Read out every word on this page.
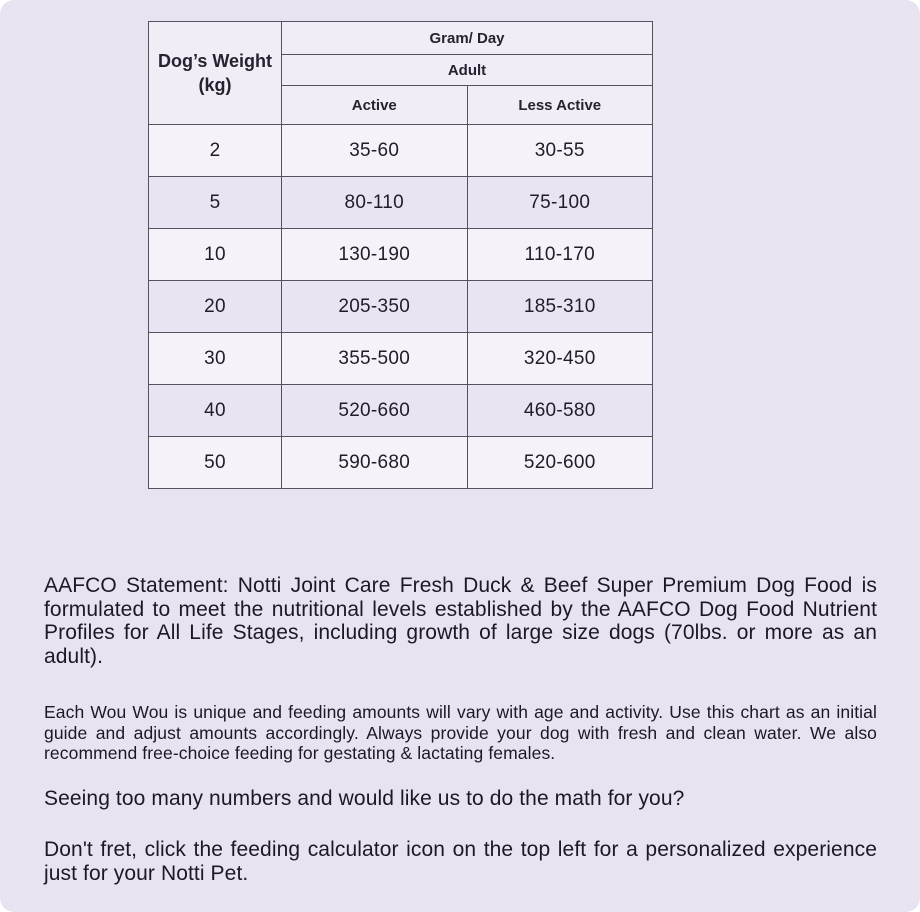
Dog’s Weight (kg)	Gram/ Day	
	Adult	
	Active	Less Active
2	35-60	30-55
5	80-110	75-100
10	130-190	110-170
20	205-350	185-310
30	355-500	320-450
40	520-660	460-580
50	590-680	520-600

AAFCO Statement: Notti Joint Care Fresh Duck & Beef Super Premium Dog Food is formulated to meet the nutritional levels established by the AAFCO Dog Food Nutrient Profiles for All Life Stages, including growth of large size dogs (70lbs. or more as an adult).

Each Wou Wou is unique and feeding amounts will vary with age and activity. Use this chart as an initial guide and adjust amounts accordingly. Always provide your dog with fresh and clean water. We also recommend free-choice feeding for gestating & lactating females.

Seeing too many numbers and would like us to do the math for you?

Don't fret, click the feeding calculator icon on the top left for a personalized experience just for your Notti Pet.
